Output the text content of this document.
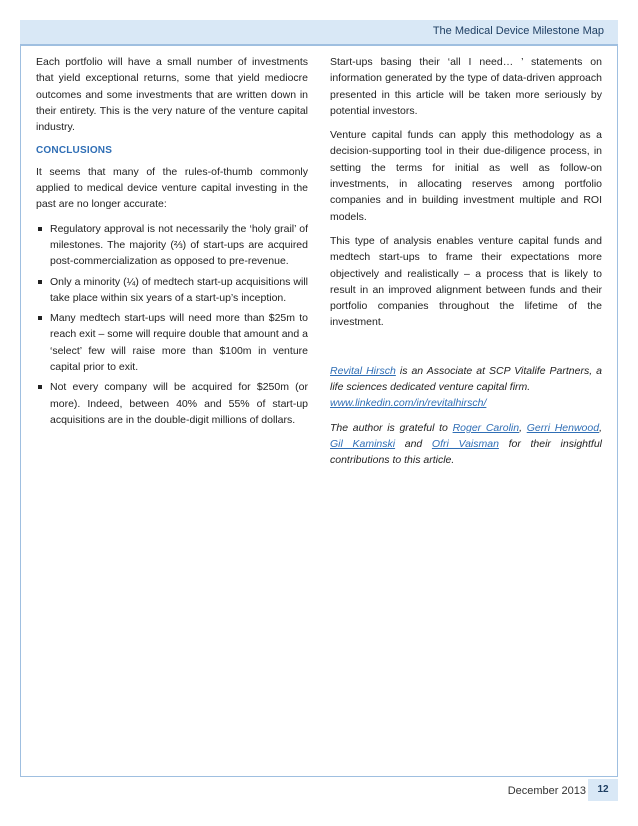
The Medical Device Milestone Map

Each portfolio will have a small number of investments that yield exceptional returns, some that yield mediocre outcomes and some investments that are written down in their entirety. This is the very nature of the venture capital industry.

CONCLUSIONS

It seems that many of the rules-of-thumb commonly applied to medical device venture capital investing in the past are no longer accurate:

Regulatory approval is not necessarily the ‘holy grail’ of milestones. The majority (⅔) of start-ups are acquired post-commercialization as opposed to pre-revenue.
Only a minority (¼) of medtech start-up acquisitions will take place within six years of a start-up’s inception.
Many medtech start-ups will need more than $25m to reach exit – some will require double that amount and a ‘select’ few will raise more than $100m in venture capital prior to exit.
Not every company will be acquired for $250m (or more). Indeed, between 40% and 55% of start-up acquisitions are in the double-digit millions of dollars.

Start-ups basing their ‘all I need… ’ statements on information generated by the type of data-driven approach presented in this article will be taken more seriously by potential investors.

Venture capital funds can apply this methodology as a decision-supporting tool in their due-diligence process, in setting the terms for initial as well as follow-on investments, in allocating reserves among portfolio companies and in building investment multiple and ROI models.

This type of analysis enables venture capital funds and medtech start-ups to frame their expectations more objectively and realistically – a process that is likely to result in an improved alignment between funds and their portfolio companies throughout the lifetime of the investment.

Revital Hirsch is an Associate at SCP Vitalife Partners, a life sciences dedicated venture capital firm.
www.linkedin.com/in/revitalhirsch/

The author is grateful to Roger Carolin, Gerri Henwood, Gil Kaminski and Ofri Vaisman for their insightful contributions to this article.

December 2013	12
